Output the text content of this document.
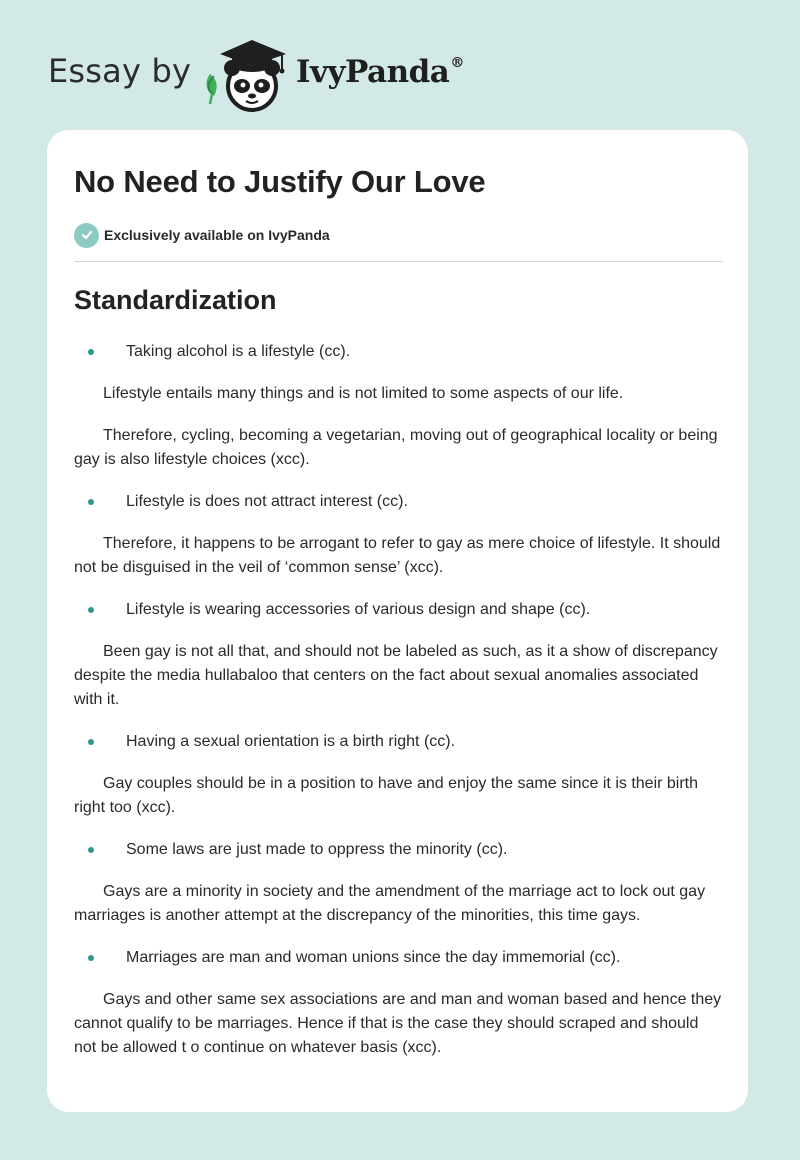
Essay by	IvyPanda®
No Need to Justify Our Love
Exclusively available on IvyPanda
Standardization

Taking alcohol is a lifestyle (cc).

Lifestyle entails many things and is not limited to some aspects of our life.

Therefore, cycling, becoming a vegetarian, moving out of geographical locality or being gay is also lifestyle choices (xcc).

Lifestyle is does not attract interest (cc).

Therefore, it happens to be arrogant to refer to gay as mere choice of lifestyle. It should not be disguised in the veil of ‘common sense’ (xcc).

Lifestyle is wearing accessories of various design and shape (cc).

Been gay is not all that, and should not be labeled as such, as it a show of discrepancy despite the media hullabaloo that centers on the fact about sexual anomalies associated with it.

Having a sexual orientation is a birth right (cc).

Gay couples should be in a position to have and enjoy the same since it is their birth right too (xcc).

Some laws are just made to oppress the minority (cc).

Gays are a minority in society and the amendment of the marriage act to lock out gay marriages is another attempt at the discrepancy of the minorities, this time gays.

Marriages are man and woman unions since the day immemorial (cc).

Gays and other same sex associations are and man and woman based and hence they cannot qualify to be marriages. Hence if that is the case they should scraped and should not be allowed t o continue on whatever basis (xcc).
